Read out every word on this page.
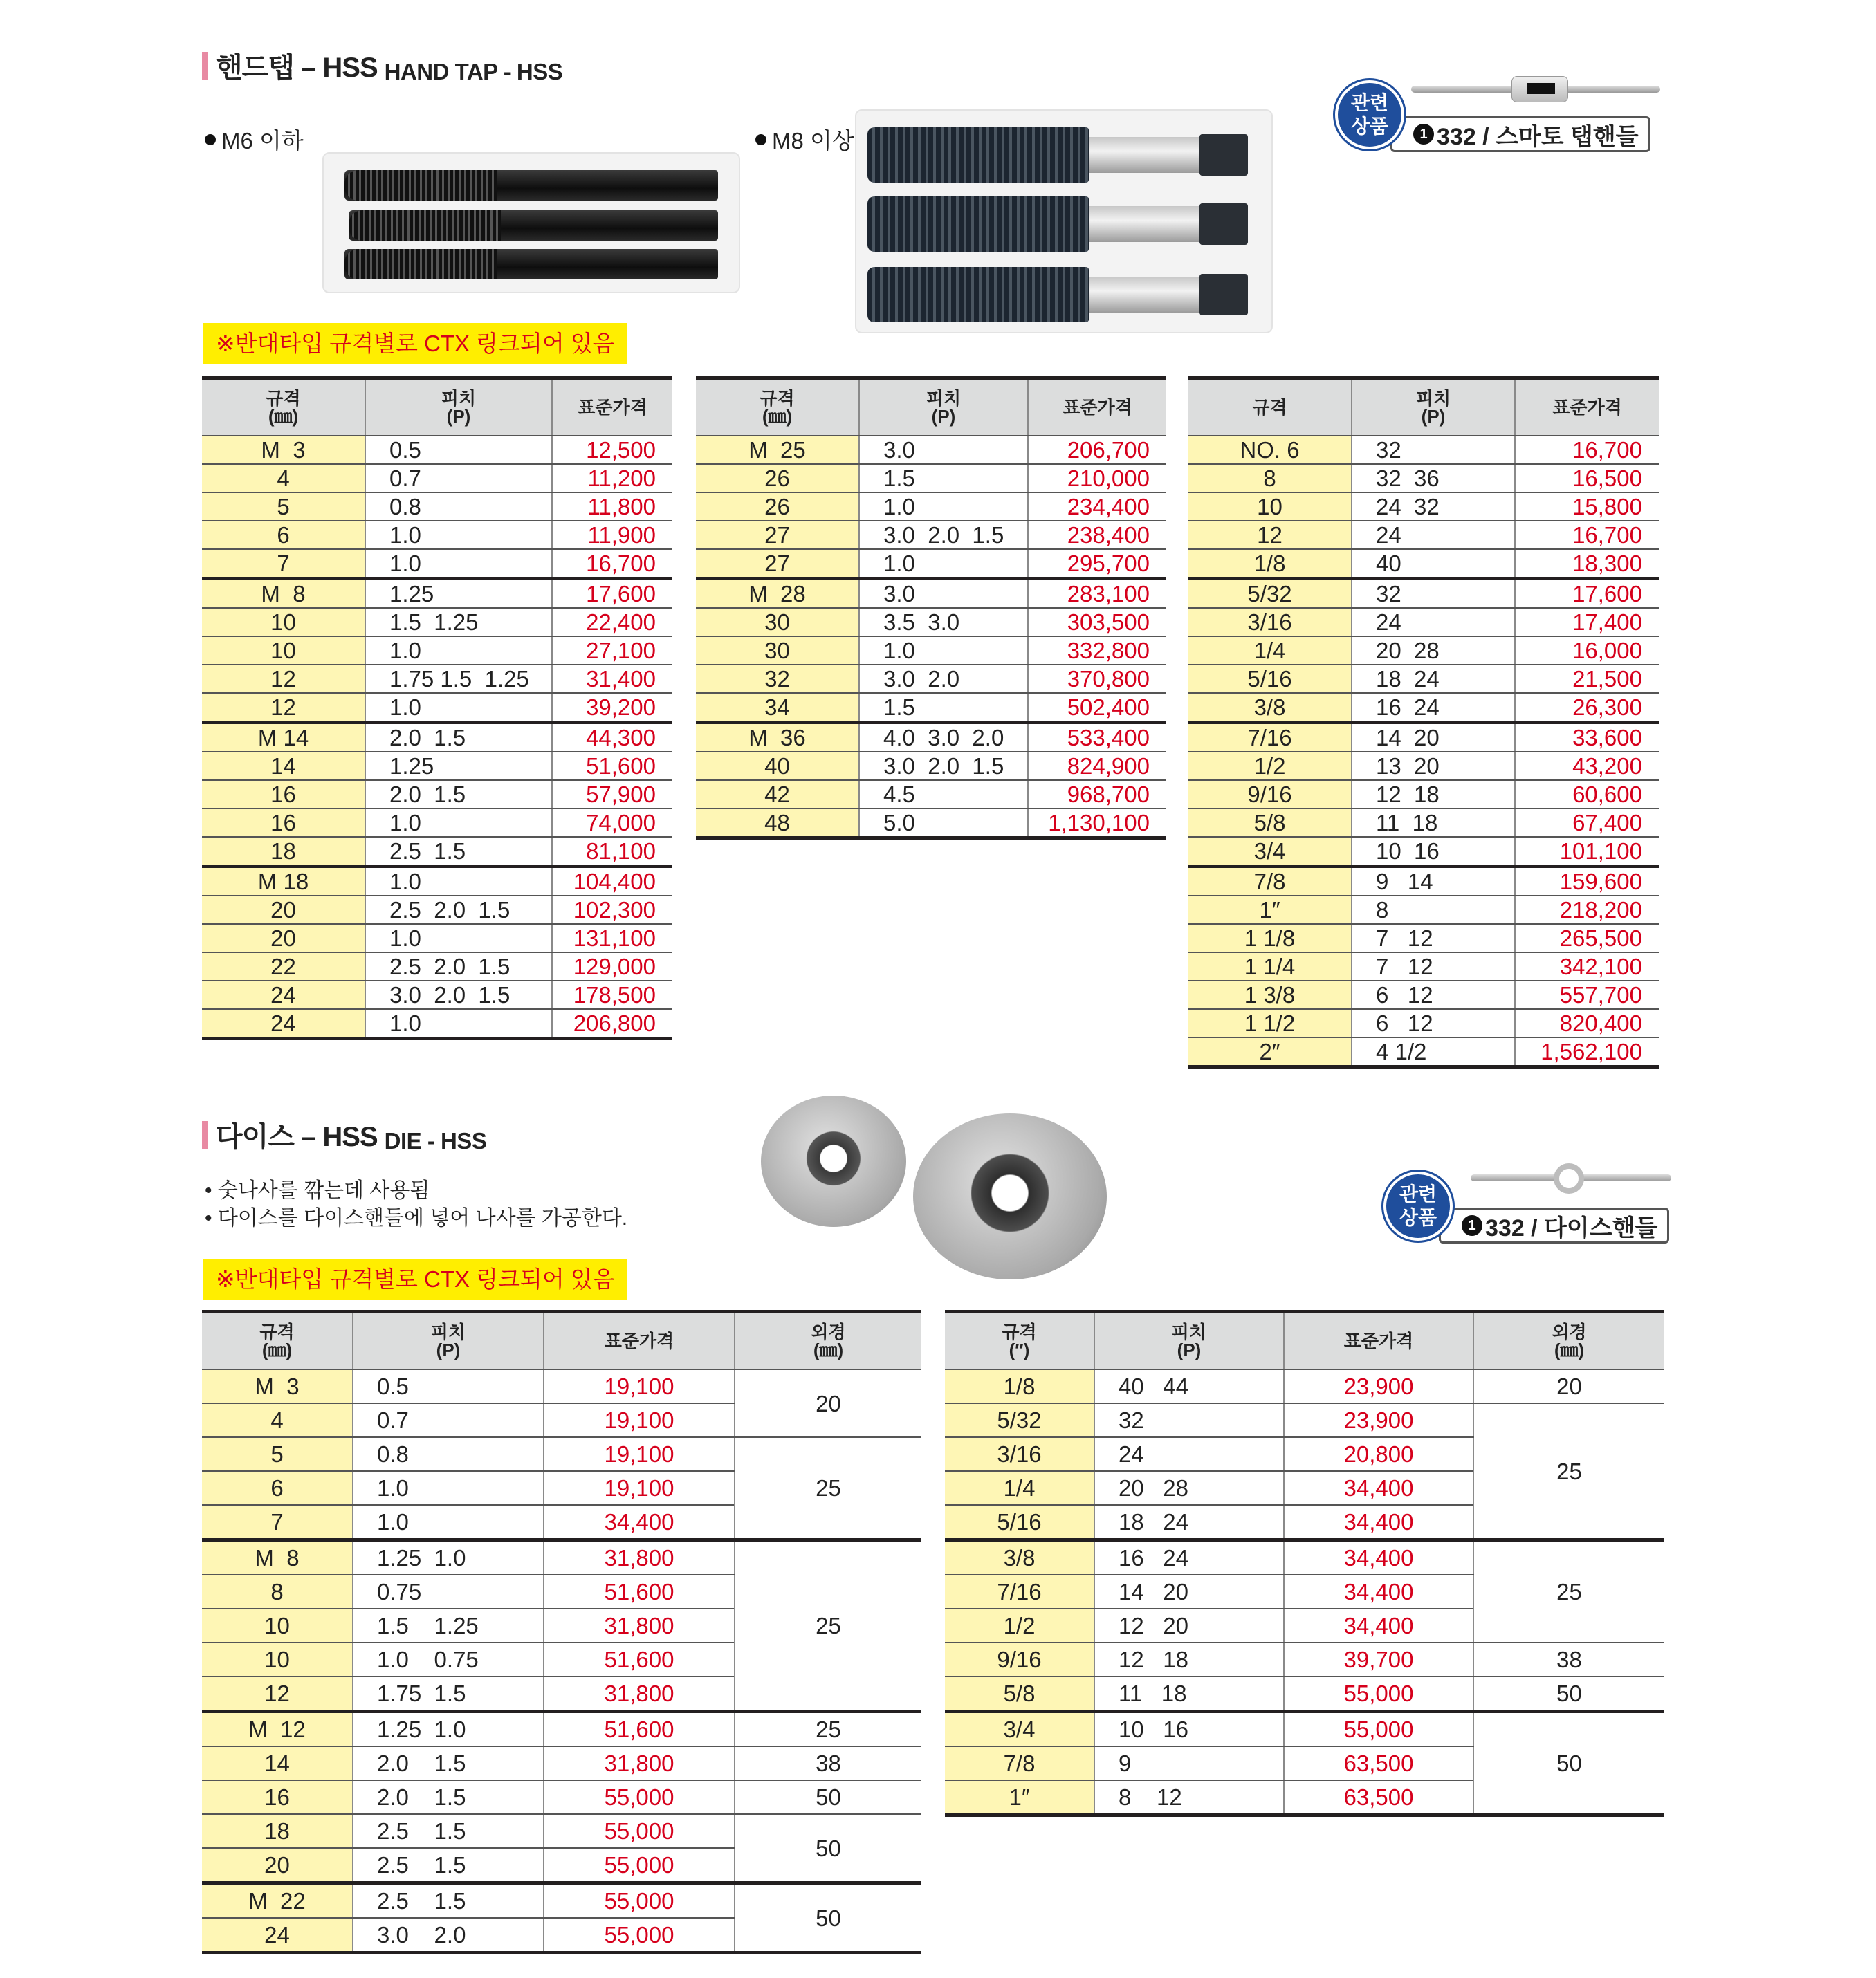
핸드탭 – HSS HAND TAP - HSS
M6 이하	M8 이상
관련
상품	1 332 / 스마토 탭핸들
※반대타입 규격별로 CTX 링크되어 있음
규격
(㎜)	피치
(P)	표준가격
M  3	0.5	12,500
4	0.7	11,200
5	0.8	11,800
6	1.0	11,900
7	1.0	16,700
M  8	1.25	17,600
10	1.5  1.25	22,400
10	1.0	27,100
12	1.75 1.5  1.25	31,400
12	1.0	39,200
M 14	2.0  1.5	44,300
14	1.25	51,600
16	2.0  1.5	57,900
16	1.0	74,000
18	2.5  1.5	81,100
M 18	1.0	104,400
20	2.5  2.0  1.5	102,300
20	1.0	131,100
22	2.5  2.0  1.5	129,000
24	3.0  2.0  1.5	178,500
24	1.0	206,800
규격
(㎜)	피치
(P)	표준가격
M  25	3.0	206,700
26	1.5	210,000
26	1.0	234,400
27	3.0  2.0  1.5	238,400
27	1.0	295,700
M  28	3.0	283,100
30	3.5  3.0	303,500
30	1.0	332,800
32	3.0  2.0	370,800
34	1.5	502,400
M  36	4.0  3.0  2.0	533,400
40	3.0  2.0  1.5	824,900
42	4.5	968,700
48	5.0	1,130,100
규격	피치
(P)	표준가격
NO. 6	32	16,700
8	32  36	16,500
10	24  32	15,800
12	24	16,700
1/8	40	18,300
5/32	32	17,600
3/16	24	17,400
1/4	20  28	16,000
5/16	18  24	21,500
3/8	16  24	26,300
7/16	14  20	33,600
1/2	13  20	43,200
9/16	12  18	60,600
5/8	11  18	67,400
3/4	10  16	101,100
7/8	9   14	159,600
1″	8	218,200
1 1/8	7   12	265,500
1 1/4	7   12	342,100
1 3/8	6   12	557,700
1 1/2	6   12	820,400
2″	4 1/2	1,562,100
다이스 – HSS DIE - HSS
• 숫나사를 깎는데 사용됨
• 다이스를 다이스핸들에 넣어 나사를 가공한다.
관련
상품	1 332 / 다이스핸들
※반대타입 규격별로 CTX 링크되어 있음
규격
(㎜)	피치
(P)	표준가격	외경
(㎜)
M  3	0.5	19,100	20
4	0.7	19,100
5	0.8	19,100	25
6	1.0	19,100
7	1.0	34,400
M  8	1.25  1.0	31,800	25
8	0.75	51,600
10	1.5    1.25	31,800
10	1.0    0.75	51,600
12	1.75  1.5	31,800
M  12	1.25  1.0	51,600	25
14	2.0    1.5	31,800	38
16	2.0    1.5	55,000	50
18	2.5    1.5	55,000	50
20	2.5    1.5	55,000
M  22	2.5    1.5	55,000	50
24	3.0    2.0	55,000
규격
(″)	피치
(P)	표준가격	외경
(㎜)
1/8	40   44	23,900	20
5/32	32	23,900	25
3/16	24	20,800
1/4	20   28	34,400
5/16	18   24	34,400
3/8	16   24	34,400	25
7/16	14   20	34,400
1/2	12   20	34,400
9/16	12   18	39,700	38
5/8	11   18	55,000	50
3/4	10   16	55,000	50
7/8	9	63,500
1″	8    12	63,500
